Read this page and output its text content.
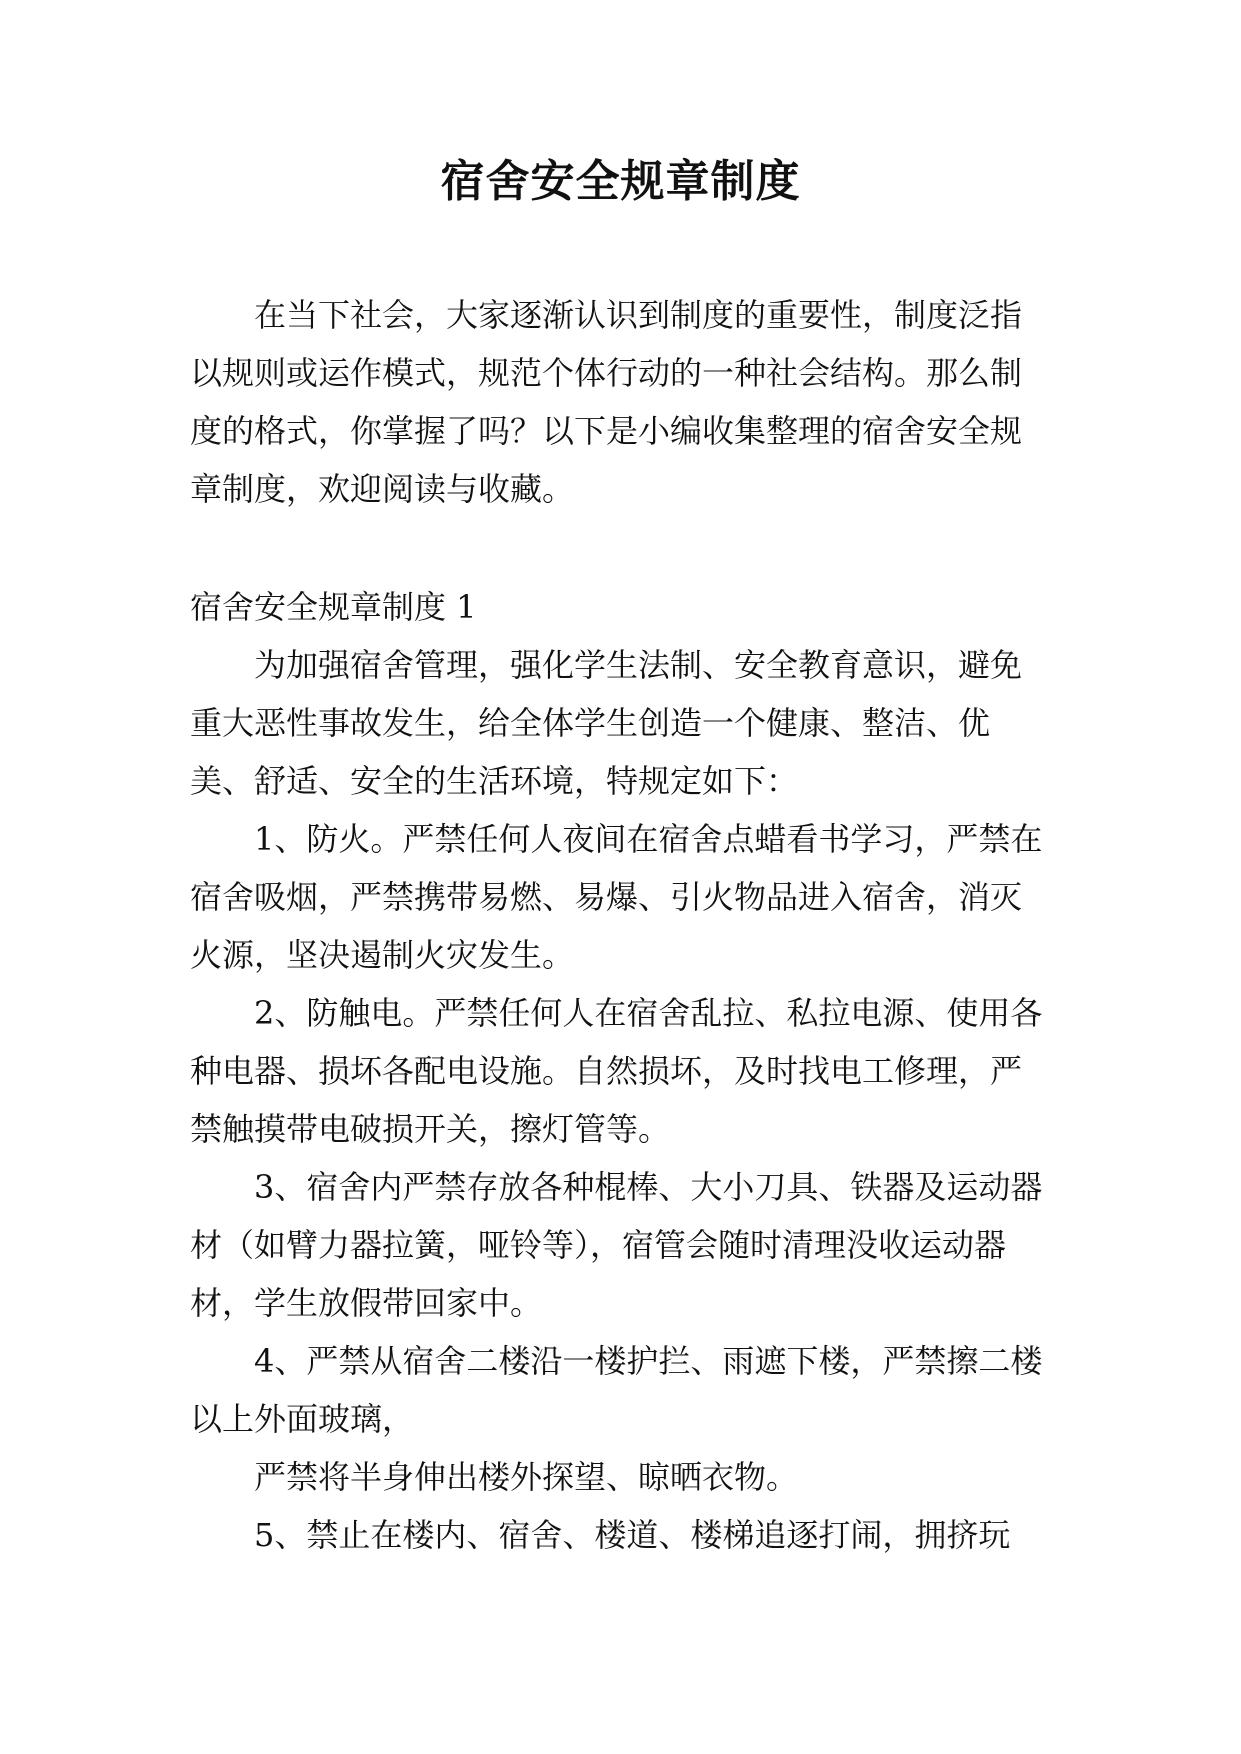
宿舍安全规章制度

在当下社会，大家逐渐认识到制度的重要性，制度泛指以规则或运作模式，规范个体行动的一种社会结构。那么制度的格式，你掌握了吗？以下是小编收集整理的宿舍安全规章制度，欢迎阅读与收藏。

宿舍安全规章制度 1

为加强宿舍管理，强化学生法制、安全教育意识，避免重大恶性事故发生，给全体学生创造一个健康、整洁、优美、舒适、安全的生活环境，特规定如下：

1、防火。严禁任何人夜间在宿舍点蜡看书学习，严禁在宿舍吸烟，严禁携带易燃、易爆、引火物品进入宿舍，消灭火源，坚决遏制火灾发生。

2、防触电。严禁任何人在宿舍乱拉、私拉电源、使用各种电器、损坏各配电设施。自然损坏，及时找电工修理，严禁触摸带电破损开关，擦灯管等。

3、宿舍内严禁存放各种棍棒、大小刀具、铁器及运动器材（如臂力器拉簧，哑铃等），宿管会随时清理没收运动器材，学生放假带回家中。

4、严禁从宿舍二楼沿一楼护拦、雨遮下楼，严禁擦二楼以上外面玻璃，

严禁将半身伸出楼外探望、晾晒衣物。

5、禁止在楼内、宿舍、楼道、楼梯追逐打闹，拥挤玩
